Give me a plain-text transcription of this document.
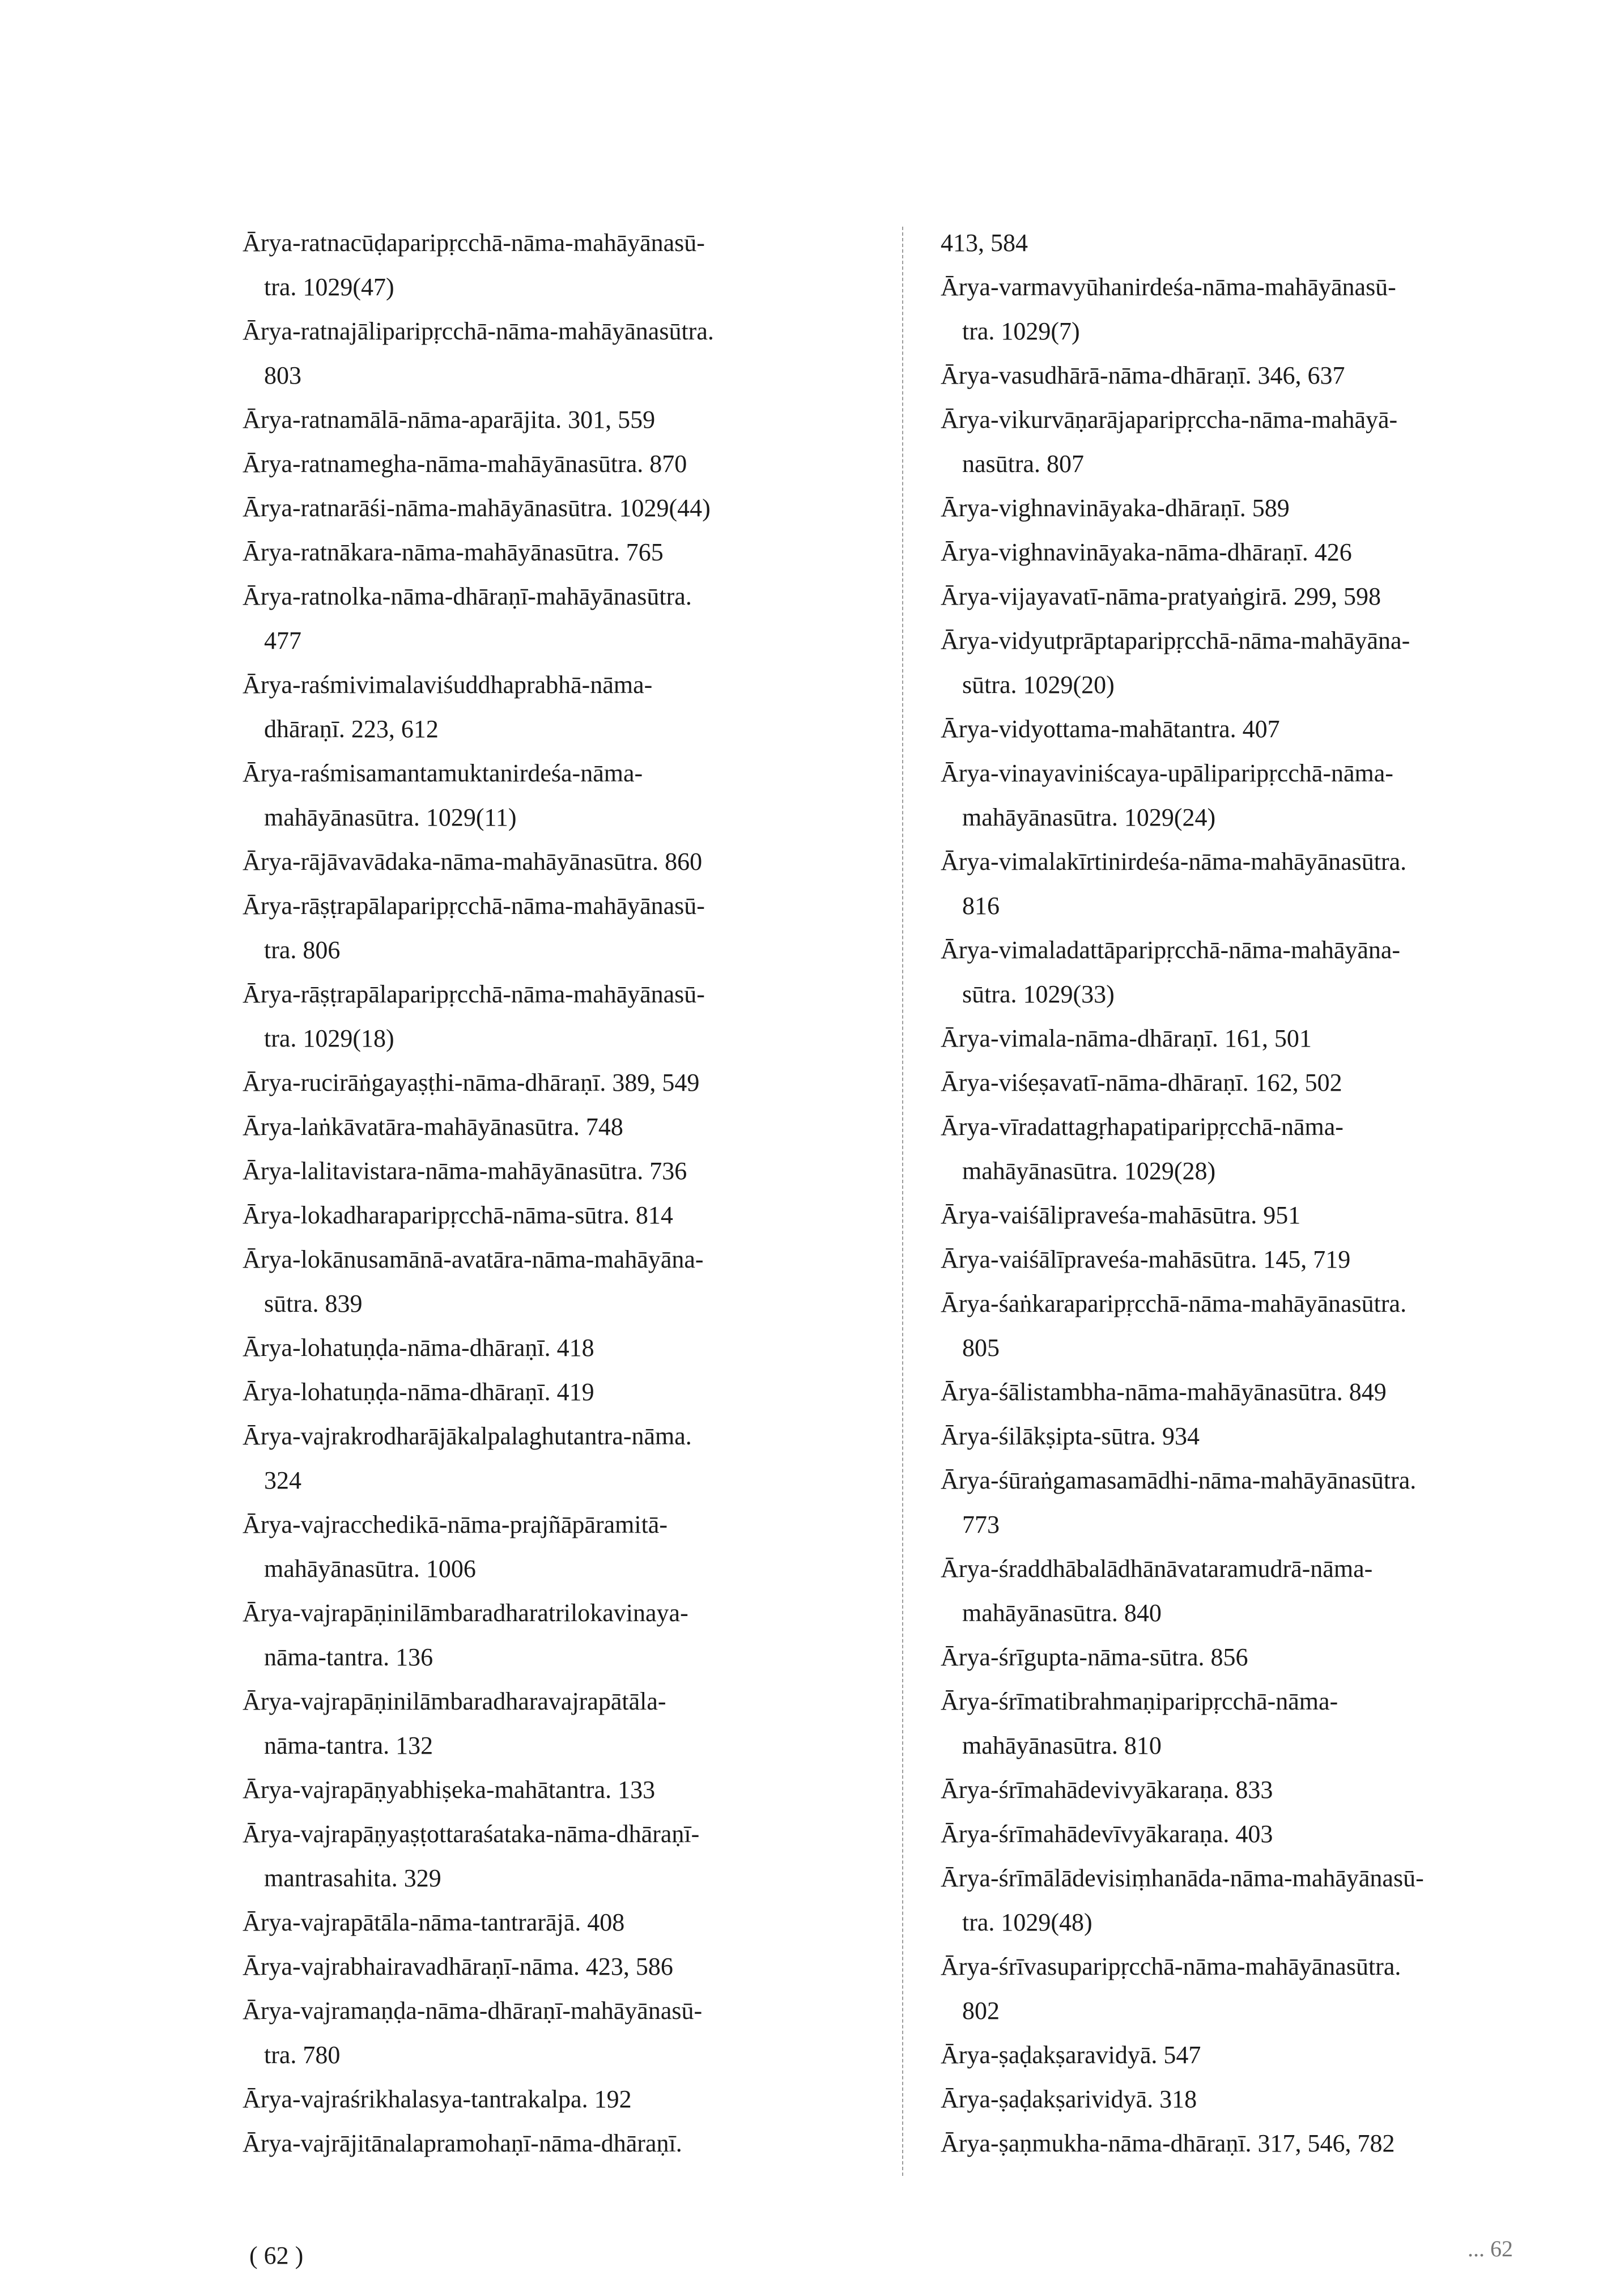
Ārya-ratnacūḍaparipṛcchā-nāma-mahāyānasū-
tra. 1029(47)
Ārya-ratnajāliparipṛcchā-nāma-mahāyānasūtra.
803
Ārya-ratnamālā-nāma-aparājita. 301, 559
Ārya-ratnamegha-nāma-mahāyānasūtra. 870
Ārya-ratnarāśi-nāma-mahāyānasūtra. 1029(44)
Ārya-ratnākara-nāma-mahāyānasūtra. 765
Ārya-ratnolka-nāma-dhāraṇī-mahāyānasūtra.
477
Ārya-raśmivimalaviśuddhaprabhā-nāma-
dhāraṇī. 223, 612
Ārya-raśmisamantamuktanirdeśa-nāma-
mahāyānasūtra. 1029(11)
Ārya-rājāvavādaka-nāma-mahāyānasūtra. 860
Ārya-rāṣṭrapālaparipṛcchā-nāma-mahāyānasū-
tra. 806
Ārya-rāṣṭrapālaparipṛcchā-nāma-mahāyānasū-
tra. 1029(18)
Ārya-rucirāṅgayaṣṭhi-nāma-dhāraṇī. 389, 549
Ārya-laṅkāvatāra-mahāyānasūtra. 748
Ārya-lalitavistara-nāma-mahāyānasūtra. 736
Ārya-lokadharaparipṛcchā-nāma-sūtra. 814
Ārya-lokānusamānā-avatāra-nāma-mahāyāna-
sūtra. 839
Ārya-lohatuṇḍa-nāma-dhāraṇī. 418
Ārya-lohatuṇḍa-nāma-dhāraṇī. 419
Ārya-vajrakrodharājākalpalaghutantra-nāma.
324
Ārya-vajracchedikā-nāma-prajñāpāramitā-
mahāyānasūtra. 1006
Ārya-vajrapāṇinilāmbaradharatrilokavinaya-
nāma-tantra. 136
Ārya-vajrapāṇinilāmbaradharavajrapātāla-
nāma-tantra. 132
Ārya-vajrapāṇyabhiṣeka-mahātantra. 133
Ārya-vajrapāṇyaṣṭottaraśataka-nāma-dhāraṇī-
mantrasahita. 329
Ārya-vajrapātāla-nāma-tantrarājā. 408
Ārya-vajrabhairavadhāraṇī-nāma. 423, 586
Ārya-vajramaṇḍa-nāma-dhāraṇī-mahāyānasū-
tra. 780
Ārya-vajraśrikhalasya-tantrakalpa. 192
Ārya-vajrājitānalapramohaṇī-nāma-dhāraṇī.
413, 584
Ārya-varmavyūhanirdeśa-nāma-mahāyānasū-
tra. 1029(7)
Ārya-vasudhārā-nāma-dhāraṇī. 346, 637
Ārya-vikurvāṇarājaparipṛccha-nāma-mahāyā-
nasūtra. 807
Ārya-vighnavināyaka-dhāraṇī. 589
Ārya-vighnavināyaka-nāma-dhāraṇī. 426
Ārya-vijayavatī-nāma-pratyaṅgirā. 299, 598
Ārya-vidyutprāptaparipṛcchā-nāma-mahāyāna-
sūtra. 1029(20)
Ārya-vidyottama-mahātantra. 407
Ārya-vinayaviniścaya-upāliparipṛcchā-nāma-
mahāyānasūtra. 1029(24)
Ārya-vimalakīrtinirdeśa-nāma-mahāyānasūtra.
816
Ārya-vimaladattāparipṛcchā-nāma-mahāyāna-
sūtra. 1029(33)
Ārya-vimala-nāma-dhāraṇī. 161, 501
Ārya-viśeṣavatī-nāma-dhāraṇī. 162, 502
Ārya-vīradattagṛhapatiparipṛcchā-nāma-
mahāyānasūtra. 1029(28)
Ārya-vaiśālipraveśa-mahāsūtra. 951
Ārya-vaiśālīpraveśa-mahāsūtra. 145, 719
Ārya-śaṅkaraparipṛcchā-nāma-mahāyānasūtra.
805
Ārya-śālistambha-nāma-mahāyānasūtra. 849
Ārya-śilākṣipta-sūtra. 934
Ārya-śūraṅgamasamādhi-nāma-mahāyānasūtra.
773
Ārya-śraddhābalādhānāvataramudrā-nāma-
mahāyānasūtra. 840
Ārya-śrīgupta-nāma-sūtra. 856
Ārya-śrīmatibrahmaṇiparipṛcchā-nāma-
mahāyānasūtra. 810
Ārya-śrīmahādevivyākaraṇa. 833
Ārya-śrīmahādevīvyākaraṇa. 403
Ārya-śrīmālādevisiṃhanāda-nāma-mahāyānasū-
tra. 1029(48)
Ārya-śrīvasuparipṛcchā-nāma-mahāyānasūtra.
802
Ārya-ṣaḍakṣaravidyā. 547
Ārya-ṣaḍakṣarividyā. 318
Ārya-ṣaṇmukha-nāma-dhāraṇī. 317, 546, 782
( 62 )	... 62
